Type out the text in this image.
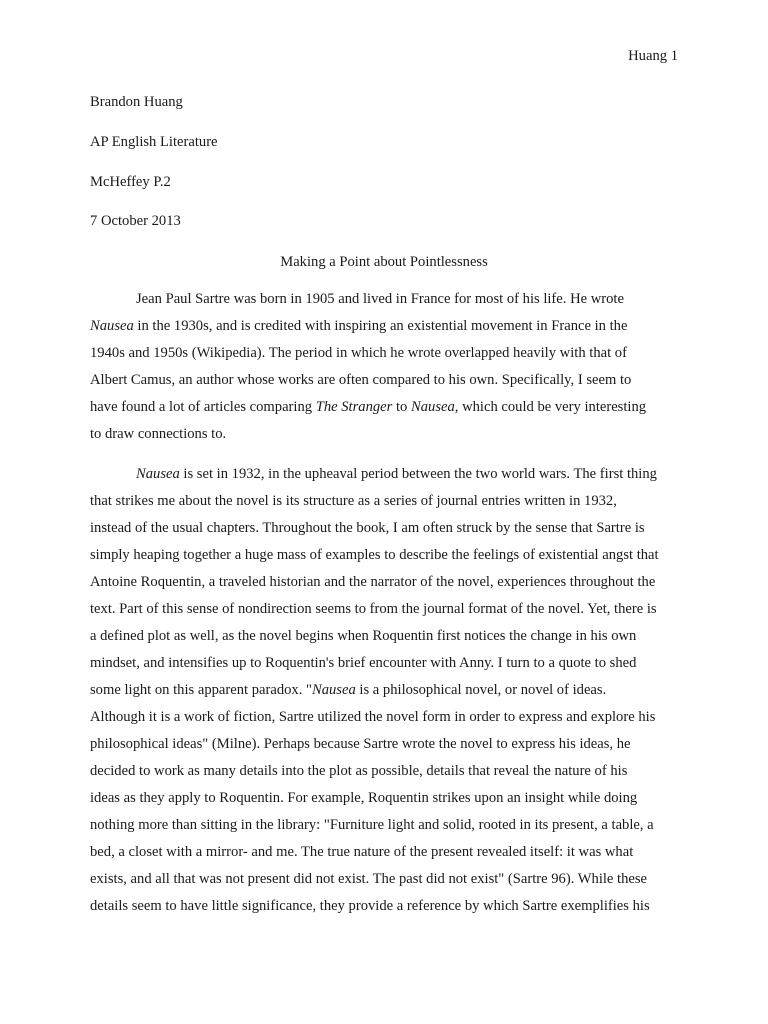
Huang 1
Brandon Huang
AP English Literature
McHeffey P.2
7 October 2013
Making a Point about Pointlessness
Jean Paul Sartre was born in 1905 and lived in France for most of his life. He wrote
Nausea in the 1930s, and is credited with inspiring an existential movement in France in the
1940s and 1950s (Wikipedia). The period in which he wrote overlapped heavily with that of
Albert Camus, an author whose works are often compared to his own. Specifically, I seem to
have found a lot of articles comparing The Stranger to Nausea, which could be very interesting
to draw connections to.
Nausea is set in 1932, in the upheaval period between the two world wars. The first thing
that strikes me about the novel is its structure as a series of journal entries written in 1932,
instead of the usual chapters. Throughout the book, I am often struck by the sense that Sartre is
simply heaping together a huge mass of examples to describe the feelings of existential angst that
Antoine Roquentin, a traveled historian and the narrator of the novel, experiences throughout the
text. Part of this sense of nondirection seems to from the journal format of the novel. Yet, there is
a defined plot as well, as the novel begins when Roquentin first notices the change in his own
mindset, and intensifies up to Roquentin's brief encounter with Anny. I turn to a quote to shed
some light on this apparent paradox. "Nausea is a philosophical novel, or novel of ideas.
Although it is a work of fiction, Sartre utilized the novel form in order to express and explore his
philosophical ideas" (Milne). Perhaps because Sartre wrote the novel to express his ideas, he
decided to work as many details into the plot as possible, details that reveal the nature of his
ideas as they apply to Roquentin. For example, Roquentin strikes upon an insight while doing
nothing more than sitting in the library: "Furniture light and solid, rooted in its present, a table, a
bed, a closet with a mirror- and me. The true nature of the present revealed itself: it was what
exists, and all that was not present did not exist. The past did not exist" (Sartre 96). While these
details seem to have little significance, they provide a reference by which Sartre exemplifies his
